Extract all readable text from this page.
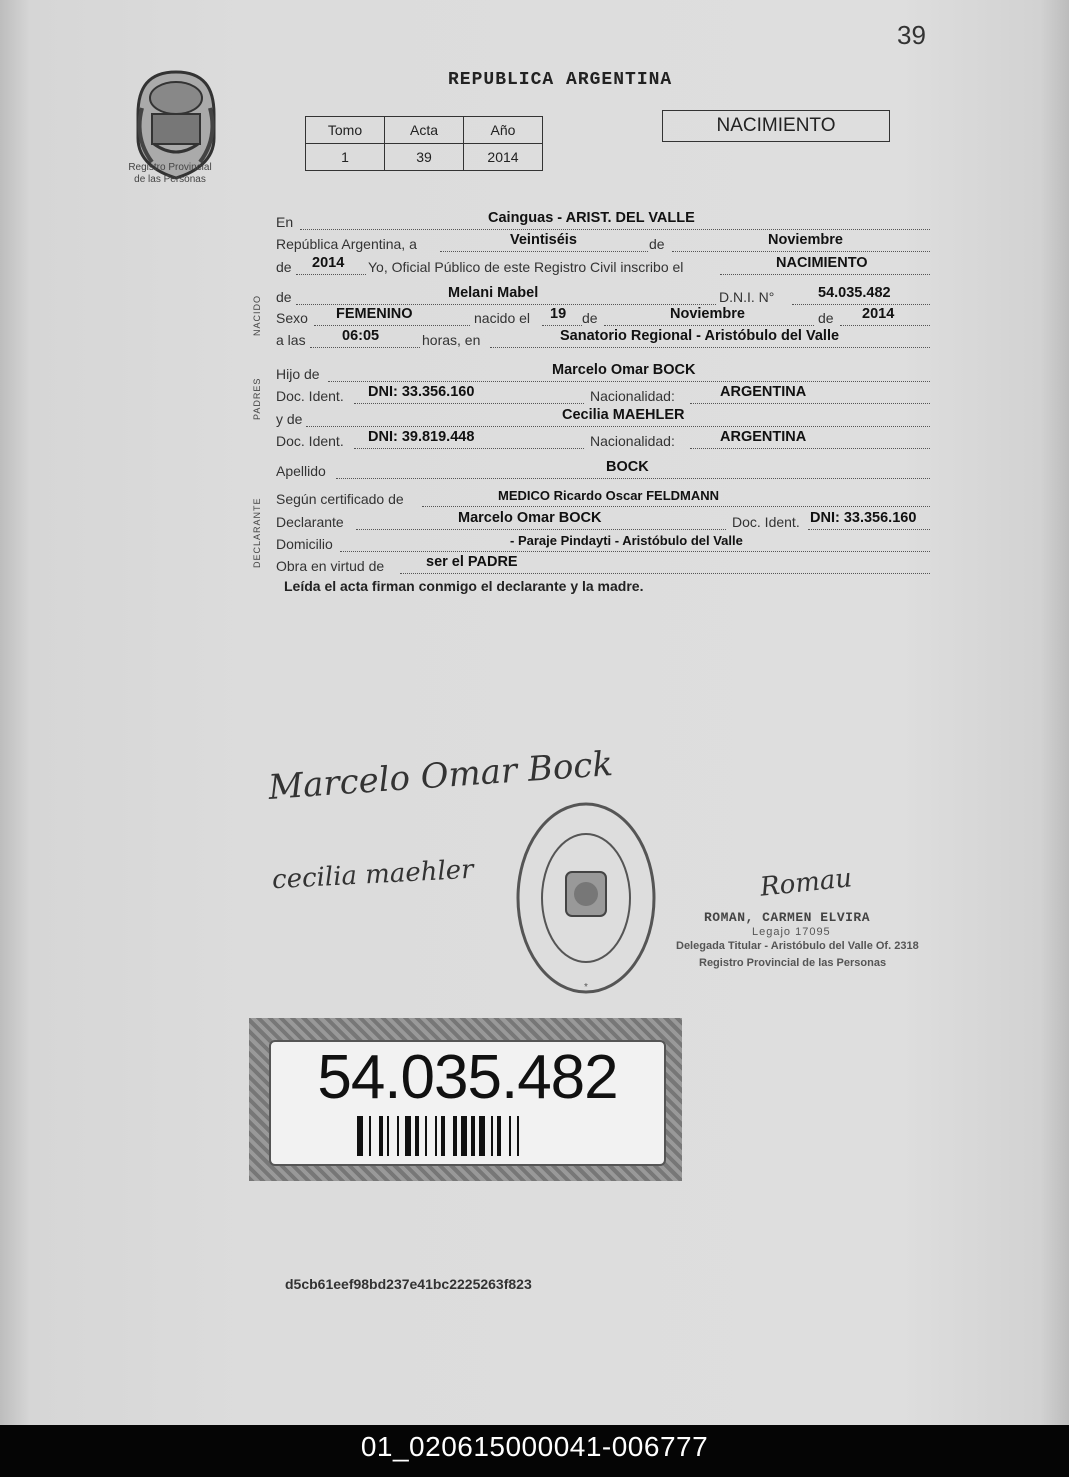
39
Registro Provincial
de las Personas
REPUBLICA ARGENTINA
Tomo	Acta	Año
1	39	2014
NACIMIENTO
En	Cainguas - ARIST. DEL VALLE
República Argentina, a	Veintiséis	de	Noviembre
de 2014 Yo, Oficial Público de este Registro Civil inscribo el	NACIMIENTO
NACIDO de	Melani Mabel	D.N.I. N°	54.035.482
Sexo FEMENINO	nacido el 19 de	Noviembre	de 2014
a las	06:05	horas, en	Sanatorio Regional - Aristóbulo del Valle
PADRES
Hijo de	Marcelo Omar BOCK
Doc. Ident. DNI: 33.356.160	Nacionalidad:	ARGENTINA
y de	Cecilia MAEHLER
Doc. Ident. DNI: 39.819.448	Nacionalidad:	ARGENTINA
Apellido	BOCK
DECLARANTE Según certificado de	MEDICO Ricardo Oscar FELDMANN
Declarante	Marcelo Omar BOCK	Doc. Ident. DNI: 33.356.160
Domicilio	- Paraje Pindayti - Aristóbulo del Valle
Obra en virtud de	ser el PADRE
Leída el acta firman conmigo el declarante y la madre.
Marcelo Omar Bock
cecilia maehler	Romau
*
ROMAN, CARMEN ELVIRA
Legajo 17095
Delegada Titular - Aristóbulo del Valle Of. 2318
Registro Provincial de las Personas
54.035.482
d5cb61eef98bd237e41bc2225263f823
01_020615000041-006777
